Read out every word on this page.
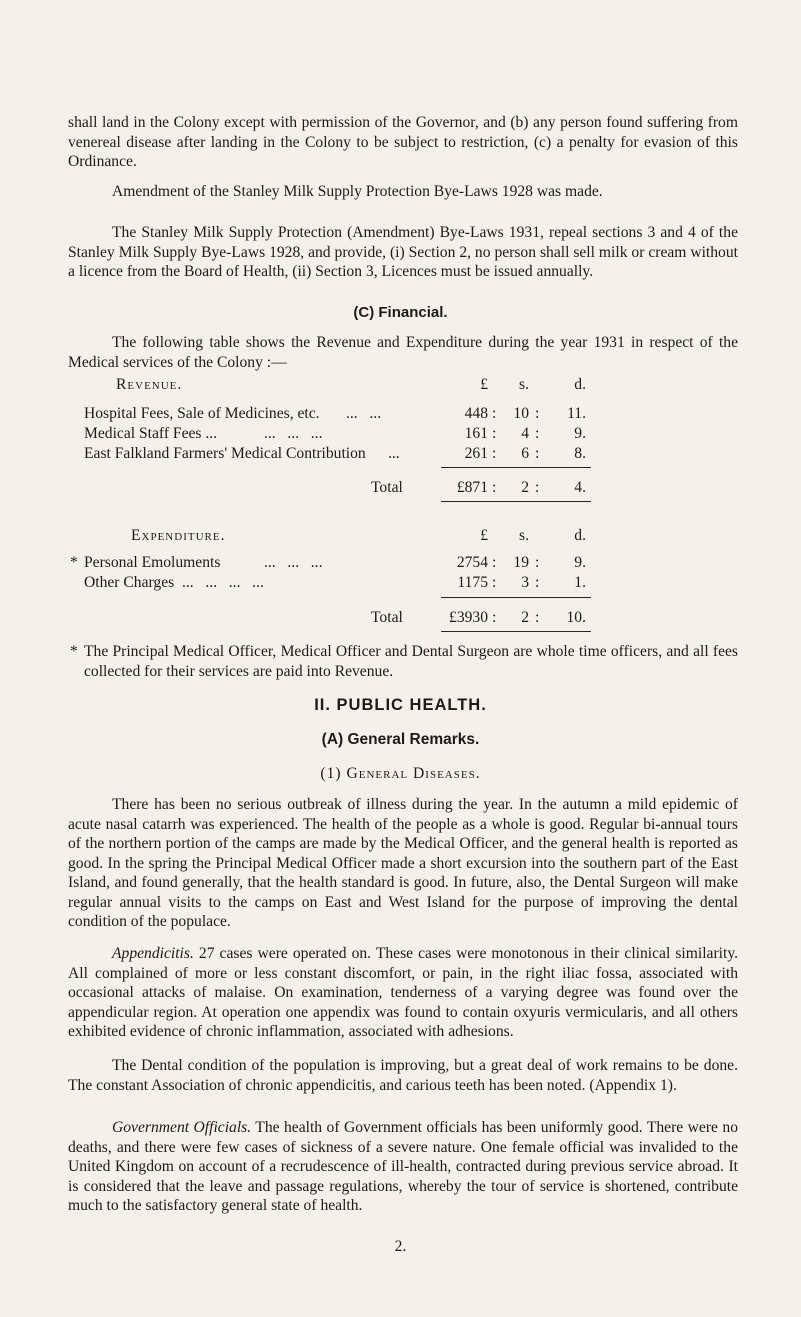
shall land in the Colony except with permission of the Governor, and (b) any person found suffering from venereal disease after landing in the Colony to be subject to restriction, (c) a penalty for evasion of this Ordinance.

Amendment of the Stanley Milk Supply Protection Bye-Laws 1928 was made.

The Stanley Milk Supply Protection (Amendment) Bye-Laws 1931, repeal sections 3 and 4 of the Stanley Milk Supply Bye-Laws 1928, and provide, (i) Section 2, no person shall sell milk or cream without a licence from the Board of Health, (ii) Section 3, Licences must be issued annually.

(C) Financial.

The following table shows the Revenue and Expenditure during the year 1931 in respect of the Medical services of the Colony :—

Revenue.	£	s.	d.
Hospital Fees, Sale of Medicines, etc. ...   ...	448 :	10 :	11.
Medical Staff Fees ...	...   ...   ...	161 :	4 :	9.
East Falkland Farmers' Medical Contribution ...	261 :	6 :	8.
Total	£871 :	2 :	4.
Expenditure.	£	s.	d.
* Personal Emoluments	...   ...   ...	2754 :	19 :	9.
Other Charges ...   ...   ...   ...	1175 :	3 :	1.
Total	£3930 :	2 :	10.
* The Principal Medical Officer, Medical Officer and Dental Surgeon are whole time officers, and all fees collected for their services are paid into Revenue.

II. PUBLIC HEALTH.
(A) General Remarks.
(1) General Diseases.

There has been no serious outbreak of illness during the year. In the autumn a mild epidemic of acute nasal catarrh was experienced. The health of the people as a whole is good. Regular bi-annual tours of the northern portion of the camps are made by the Medical Officer, and the general health is reported as good. In the spring the Principal Medical Officer made a short excursion into the southern part of the East Island, and found generally, that the health standard is good. In future, also, the Dental Surgeon will make regular annual visits to the camps on East and West Island for the purpose of improving the dental condition of the populace.

Appendicitis. 27 cases were operated on. These cases were monotonous in their clinical similarity. All complained of more or less constant discomfort, or pain, in the right iliac fossa, associated with occasional attacks of malaise. On examination, tenderness of a varying degree was found over the appendicular region. At operation one appendix was found to contain oxyuris vermicularis, and all others exhibited evidence of chronic inflammation, associated with adhesions.

The Dental condition of the population is improving, but a great deal of work remains to be done. The constant Association of chronic appendicitis, and carious teeth has been noted. (Appendix 1).

Government Officials. The health of Government officials has been uniformly good. There were no deaths, and there were few cases of sickness of a severe nature. One female official was invalided to the United Kingdom on account of a recrudescence of ill-health, contracted during previous service abroad. It is considered that the leave and passage regulations, whereby the tour of service is shortened, contribute much to the satisfactory general state of health.

2.
